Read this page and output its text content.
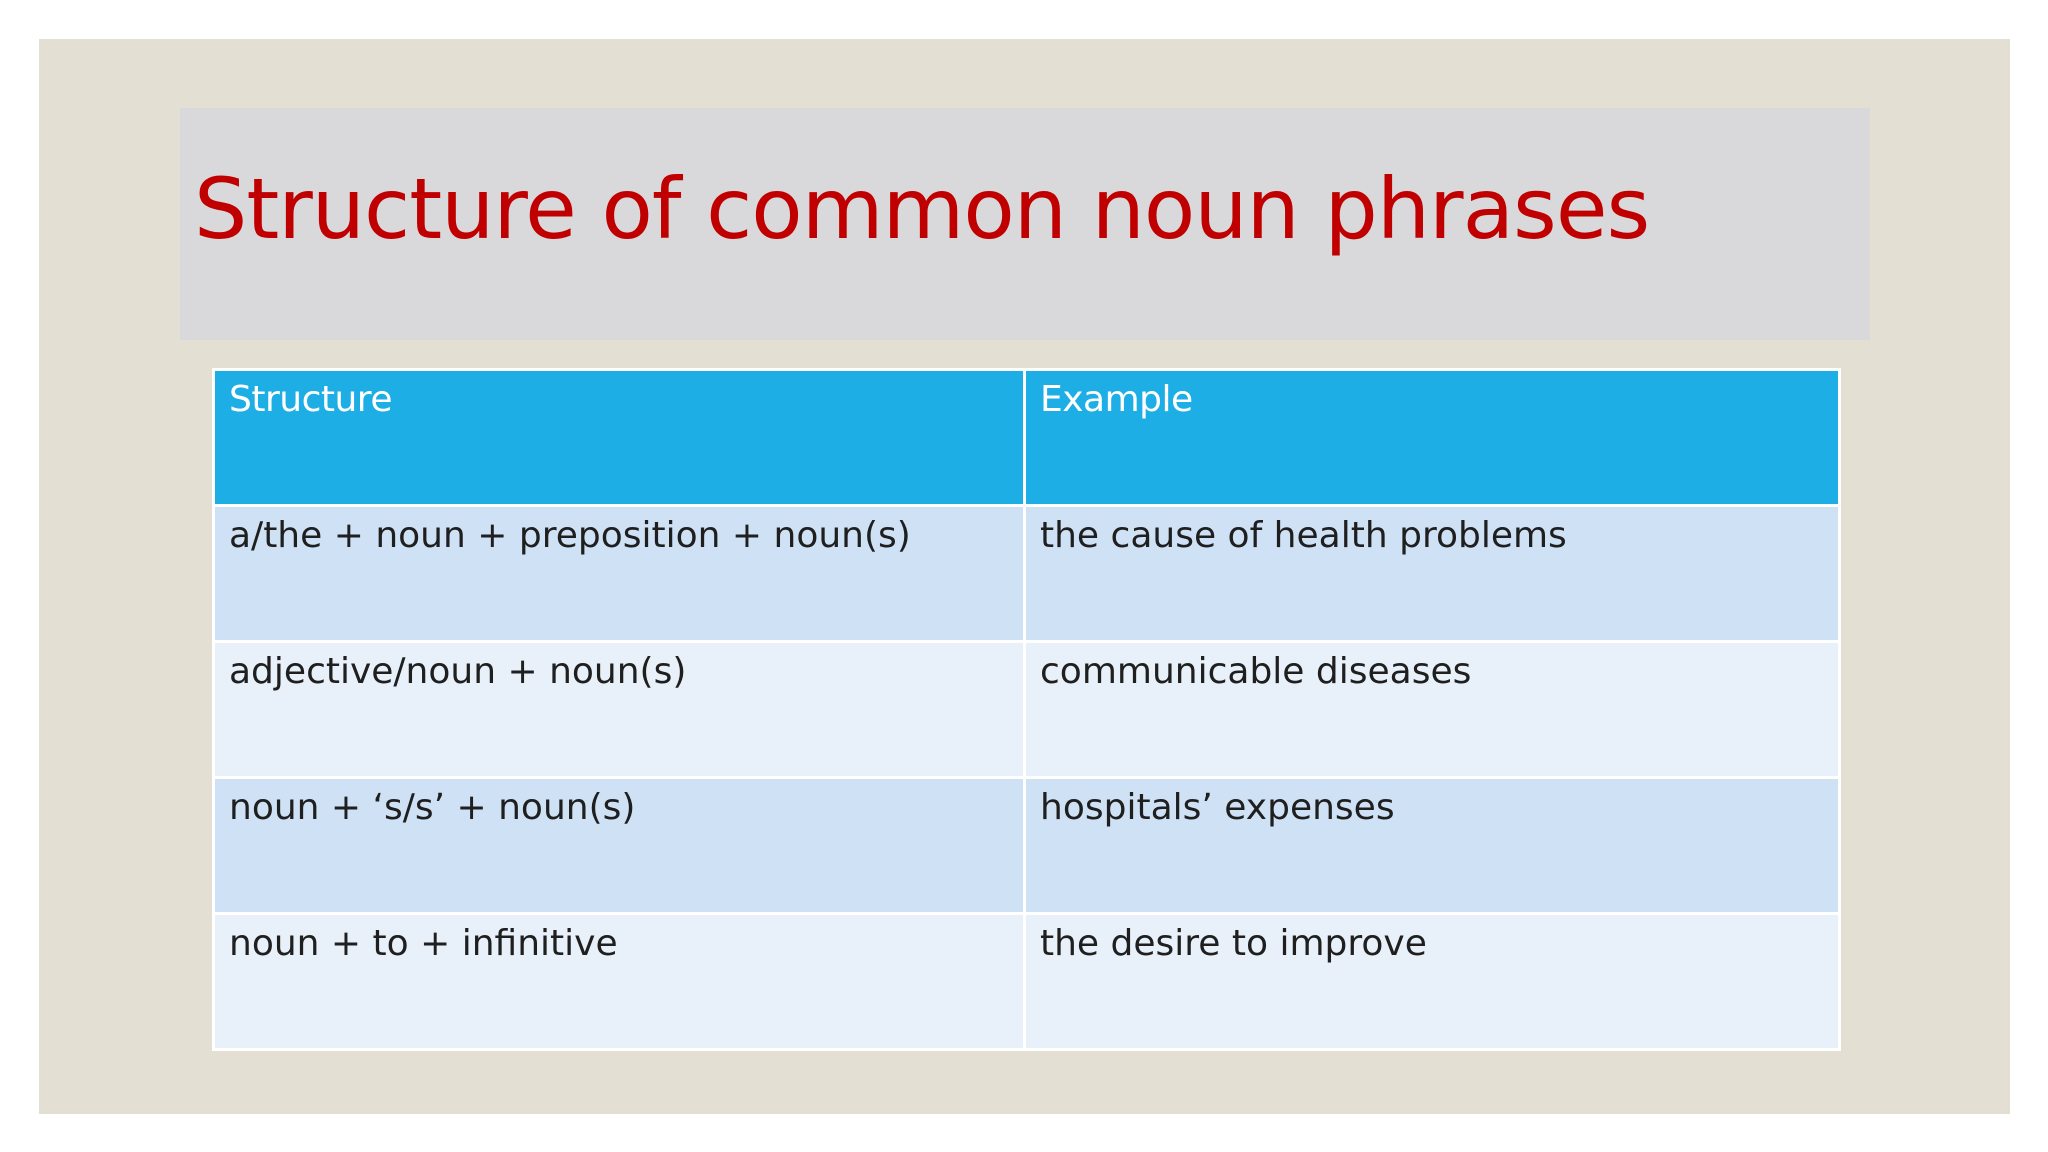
Structure of common noun phrases
Structure	Example
a/the + noun + preposition + noun(s)	the cause of health problems
adjective/noun + noun(s)	communicable diseases
noun + ‘s/s’ + noun(s)	hospitals’ expenses
noun + to + infinitive	the desire to improve
